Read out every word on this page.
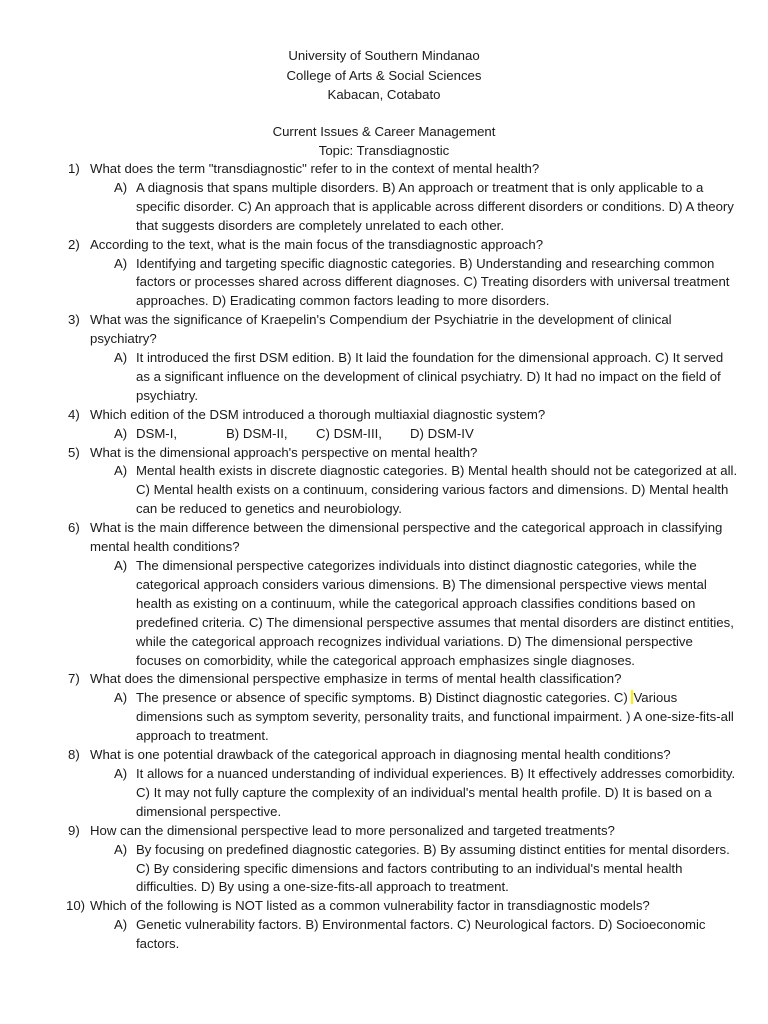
University of Southern Mindanao
College of Arts & Social Sciences
Kabacan, Cotabato
Current Issues & Career Management
Topic: Transdiagnostic
1) What does the term "transdiagnostic" refer to in the context of mental health?
A) A diagnosis that spans multiple disorders. B) An approach or treatment that is only applicable to a specific disorder. C) An approach that is applicable across different disorders or conditions. D) A theory that suggests disorders are completely unrelated to each other.
2) According to the text, what is the main focus of the transdiagnostic approach?
A) Identifying and targeting specific diagnostic categories. B) Understanding and researching common factors or processes shared across different diagnoses. C) Treating disorders with universal treatment approaches. D) Eradicating common factors leading to more disorders.
3) What was the significance of Kraepelin's Compendium der Psychiatrie in the development of clinical psychiatry?
A) It introduced the first DSM edition. B) It laid the foundation for the dimensional approach. C) It served as a significant influence on the development of clinical psychiatry. D) It had no impact on the field of psychiatry.
4) Which edition of the DSM introduced a thorough multiaxial diagnostic system?
A) DSM-I,	B) DSM-II, C) DSM-III, D) DSM-IV
5) What is the dimensional approach's perspective on mental health?
A) Mental health exists in discrete diagnostic categories. B) Mental health should not be categorized at all. C) Mental health exists on a continuum, considering various factors and dimensions. D) Mental health can be reduced to genetics and neurobiology.
6) What is the main difference between the dimensional perspective and the categorical approach in classifying mental health conditions?
A) The dimensional perspective categorizes individuals into distinct diagnostic categories, while the categorical approach considers various dimensions. B) The dimensional perspective views mental health as existing on a continuum, while the categorical approach classifies conditions based on predefined criteria. C) The dimensional perspective assumes that mental disorders are distinct entities, while the categorical approach recognizes individual variations. D) The dimensional perspective focuses on comorbidity, while the categorical approach emphasizes single diagnoses.
7) What does the dimensional perspective emphasize in terms of mental health classification?
A) The presence or absence of specific symptoms. B) Distinct diagnostic categories. C) Various dimensions such as symptom severity, personality traits, and functional impairment. ) A one-size-fits-all approach to treatment.
8) What is one potential drawback of the categorical approach in diagnosing mental health conditions?
A) It allows for a nuanced understanding of individual experiences. B) It effectively addresses comorbidity. C) It may not fully capture the complexity of an individual's mental health profile. D) It is based on a dimensional perspective.
9) How can the dimensional perspective lead to more personalized and targeted treatments?
A) By focusing on predefined diagnostic categories. B) By assuming distinct entities for mental disorders. C) By considering specific dimensions and factors contributing to an individual's mental health difficulties. D) By using a one-size-fits-all approach to treatment.
10) Which of the following is NOT listed as a common vulnerability factor in transdiagnostic models?
A) Genetic vulnerability factors. B) Environmental factors. C) Neurological factors. D) Socioeconomic factors.
